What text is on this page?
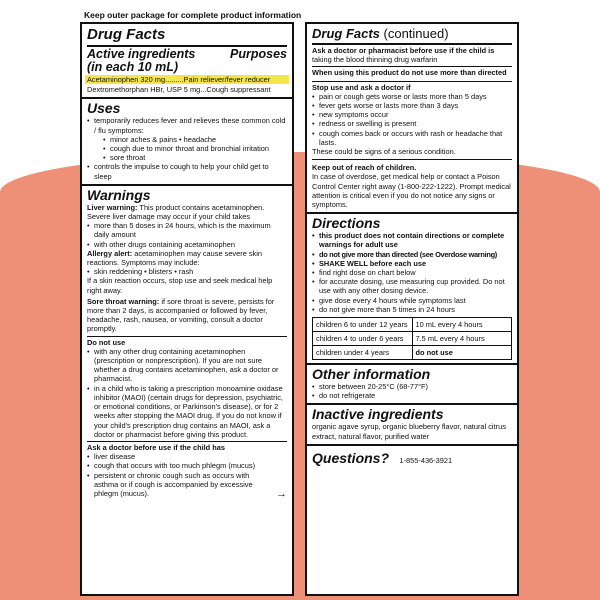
Keep outer package for complete product information
Drug Facts
Active ingredients
(in each 10 mL)
Purposes
Acetaminophen 320 mg.........Pain reliever/fever reducer
Dextromethorphan HBr, USP 5 mg...Cough suppressant
Uses
• temporarily reduces fever and relieves these common cold / flu symptoms:
• minor aches & pains • headache
• cough due to minor throat and bronchial irritation
• sore throat
• controls the impulse to cough to help your child get to sleep
Warnings
Liver warning: This product contains acetaminophen. Severe liver damage may occur if your child takes
• more than 5 doses in 24 hours, which is the maximum daily amount
• with other drugs containing acetaminophen
Allergy alert: acetaminophen may cause severe skin reactions. Symptoms may include:
• skin reddening • blisters • rash
If a skin reaction occurs, stop use and seek medical help right away.
Sore throat warning: if sore throat is severe, persists for more than 2 days, is accompanied or followed by fever, headache, rash, nausea, or vomiting, consult a doctor promptly.
Do not use
• with any other drug containing acetaminophen (prescription or nonprescription). If you are not sure whether a drug contains acetaminophen, ask a doctor or pharmacist.
• in a child who is taking a prescription monoamine oxidase inhibitor (MAOI) (certain drugs for depression, psychiatric, or emotional conditions, or Parkinson's disease), or for 2 weeks after stopping the MAOI drug. If you do not know if your child's prescription drug contains an MAOI, ask a doctor or pharmacist before giving this product.
Ask a doctor before use if the child has
• liver disease
• cough that occurs with too much phlegm (mucus)
• persistent or chronic cough such as occurs with asthma or if cough is accompanied by excessive phlegm (mucus).	→
Drug Facts (continued)
Ask a doctor or pharmacist before use if the child is taking the blood thinning drug warfarin
When using this product do not use more than directed
Stop use and ask a doctor if
• pain or cough gets worse or lasts more than 5 days
• fever gets worse or lasts more than 3 days
• new symptoms occur
• redness or swelling is present
• cough comes back or occurs with rash or headache that lasts.
These could be signs of a serious condition.
Keep out of reach of children.
In case of overdose, get medical help or contact a Poison Control Center right away (1-800-222-1222). Prompt medical attention is critical even if you do not notice any signs or symptoms.
Directions
• this product does not contain directions or complete warnings for adult use
• do not give more than directed (see Overdose warning)
• SHAKE WELL before each use
• find right dose on chart below
• for accurate dosing, use measuring cup provided. Do not use with any other dosing device.
• give dose every 4 hours while symptoms last
• do not give more than 5 times in 24 hours
children 6 to under 12 years	10 mL every 4 hours
children 4 to under 6 years	7.5 mL every 4 hours
children under 4 years	do not use
Other information
• store between 20-25°C (68-77°F)
• do not refrigerate
Inactive ingredients
organic agave syrup, organic blueberry flavor, natural citrus extract, natural flavor, purified water
Questions? 1-855-436-3921
